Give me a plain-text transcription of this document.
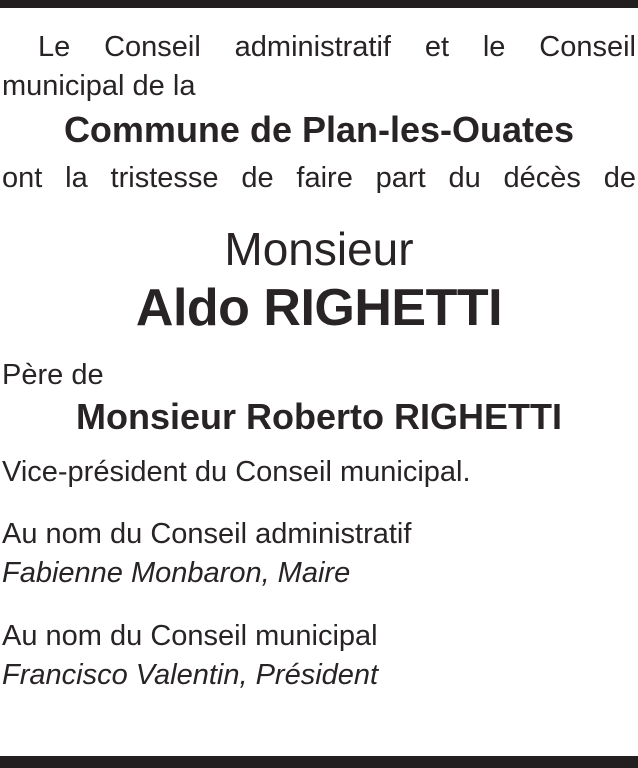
Le Conseil administratif et le Conseil
municipal de la
Commune de Plan-les-Ouates
ont la tristesse de faire part du décès de
Monsieur
Aldo RIGHETTI
Père de
Monsieur Roberto RIGHETTI
Vice-président du Conseil municipal.
Au nom du Conseil administratif
Fabienne Monbaron, Maire
Au nom du Conseil municipal
Francisco Valentin, Président
